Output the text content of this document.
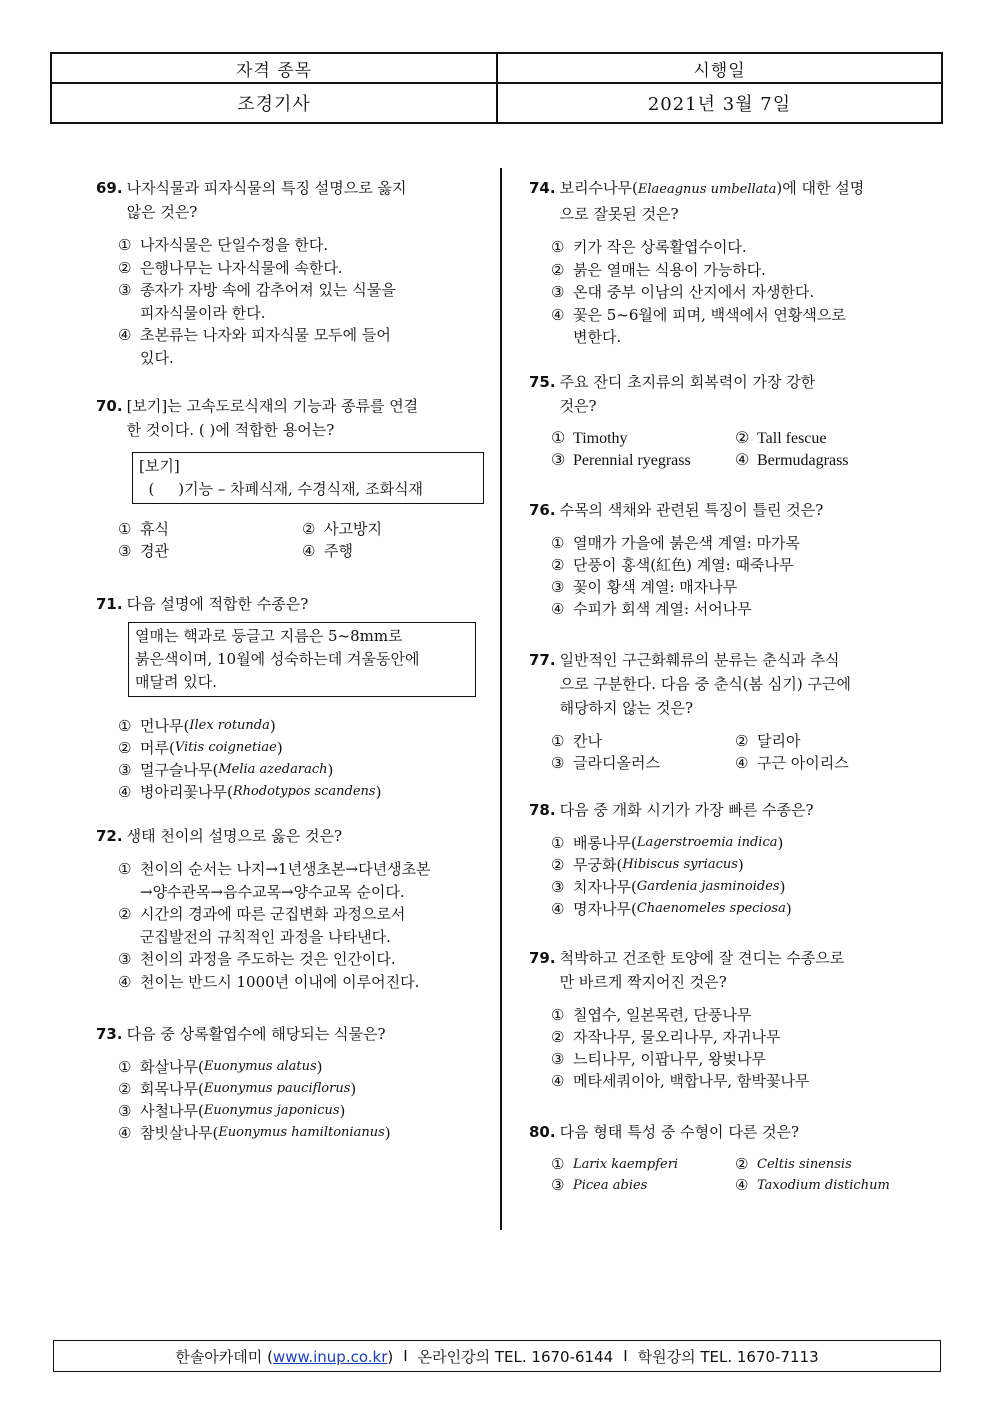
자격 종목	시행일
조경기사	2021년 3월 7일
69. 나자식물과 피자식물의 특징 설명으로 옳지
않은 것은?
① 나자식물은 단일수정을 한다.
② 은행나무는 나자식물에 속한다.
③ 종자가 자방 속에 감추어져 있는 식물을
피자식물이라 한다.
④ 초본류는 나자와 피자식물 모두에 들어
있다.
70. [보기]는 고속도로식재의 기능과 종류를 연결
한 것이다. ( )에 적합한 용어는?
[보기]
(     )기능 – 차폐식재, 수경식재, 조화식재
① 휴식	② 사고방지
③ 경관	④ 주행
71. 다음 설명에 적합한 수종은?
열매는 핵과로 둥글고 지름은 5~8mm로
붉은색이며, 10월에 성숙하는데 겨울동안에
매달려 있다.
① 먼나무 ( Ilex rotunda )
② 머루 ( Vitis coignetiae )
③ 멀구슬나무 ( Melia azedarach )
④ 병아리꽃나무 ( Rhodotypos scandens )
72. 생태 천이의 설명으로 옳은 것은?
① 천이의 순서는 나지→1년생초본→다년생초본
→양수관목→음수교목→양수교목 순이다.
② 시간의 경과에 따른 군집변화 과정으로서
군집발전의 규칙적인 과정을 나타낸다.
③ 천이의 과정을 주도하는 것은 인간이다.
④ 천이는 반드시 1000년 이내에 이루어진다.
73. 다음 중 상록활엽수에 해당되는 식물은?
① 화살나무 ( Euonymus alatus )
② 회목나무 ( Euonymus pauciflorus )
③ 사철나무 ( Euonymus japonicus )
④ 참빗살나무 ( Euonymus hamiltonianus )
74. 보리수나무(Elaeagnus umbellata)에 대한 설명
으로 잘못된 것은?
① 키가 작은 상록활엽수이다.
② 붉은 열매는 식용이 가능하다.
③ 온대 중부 이남의 산지에서 자생한다.
④ 꽃은 5~6월에 피며, 백색에서 연황색으로
변한다.
75. 주요 잔디 초지류의 회복력이 가장 강한
것은?
① Timothy	② Tall fescue
③ Perennial ryegrass	④ Bermudagrass
76. 수목의 색채와 관련된 특징이 틀린 것은?
① 열매가 가을에 붉은색 계열: 마가목
② 단풍이 홍색(紅色) 계열: 때죽나무
③ 꽃이 황색 계열: 매자나무
④ 수피가 회색 계열: 서어나무
77. 일반적인 구근화훼류의 분류는 춘식과 추식
으로 구분한다. 다음 중 춘식(봄 심기) 구근에
해당하지 않는 것은?
① 칸나	② 달리아
③ 글라디올러스	④ 구근 아이리스
78. 다음 중 개화 시기가 가장 빠른 수종은?
① 배롱나무 ( Lagerstroemia indica )
② 무궁화 ( Hibiscus syriacus )
③ 치자나무 ( Gardenia jasminoides )
④ 명자나무 ( Chaenomeles speciosa )
79. 척박하고 건조한 토양에 잘 견디는 수종으로
만 바르게 짝지어진 것은?
① 칠엽수, 일본목련, 단풍나무
② 자작나무, 물오리나무, 자귀나무
③ 느티나무, 이팝나무, 왕벚나무
④ 메타세쿼이아, 백합나무, 함박꽃나무
80. 다음 형태 특성 중 수형이 다른 것은?
① Larix kaempferi	② Celtis sinensis
③ Picea abies	④ Taxodium distichum
한솔아카데미 (www.inup.co.kr) I 온라인강의 TEL. 1670-6144 I 학원강의 TEL. 1670-7113
